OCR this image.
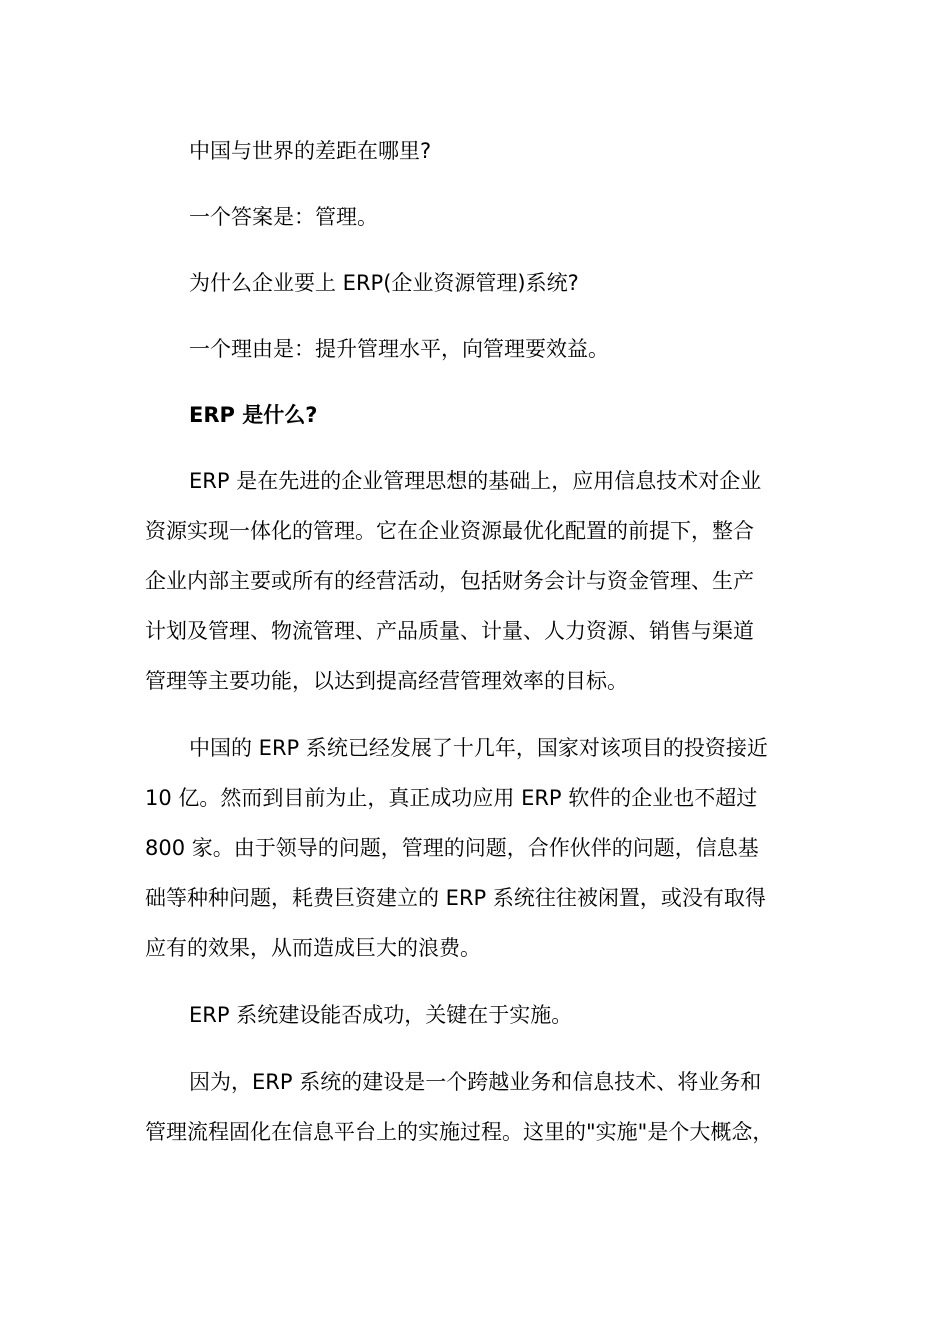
中国与世界的差距在哪里?

一个答案是：管理。

为什么企业要上 ERP(企业资源管理)系统?

一个理由是：提升管理水平，向管理要效益。

ERP 是什么?

ERP 是在先进的企业管理思想的基础上，应用信息技术对企业
资源实现一体化的管理。它在企业资源最优化配置的前提下，整合
企业内部主要或所有的经营活动，包括财务会计与资金管理、生产
计划及管理、物流管理、产品质量、计量、人力资源、销售与渠道
管理等主要功能，以达到提高经营管理效率的目标。
中国的 ERP 系统已经发展了十几年，国家对该项目的投资接近
10 亿。然而到目前为止，真正成功应用 ERP 软件的企业也不超过
800 家。由于领导的问题，管理的问题，合作伙伴的问题，信息基
础等种种问题，耗费巨资建立的 ERP 系统往往被闲置，或没有取得
应有的效果，从而造成巨大的浪费。

ERP 系统建设能否成功，关键在于实施。

因为，ERP 系统的建设是一个跨越业务和信息技术、将业务和
管理流程固化在信息平台上的实施过程。这里的"实施"是个大概念，
